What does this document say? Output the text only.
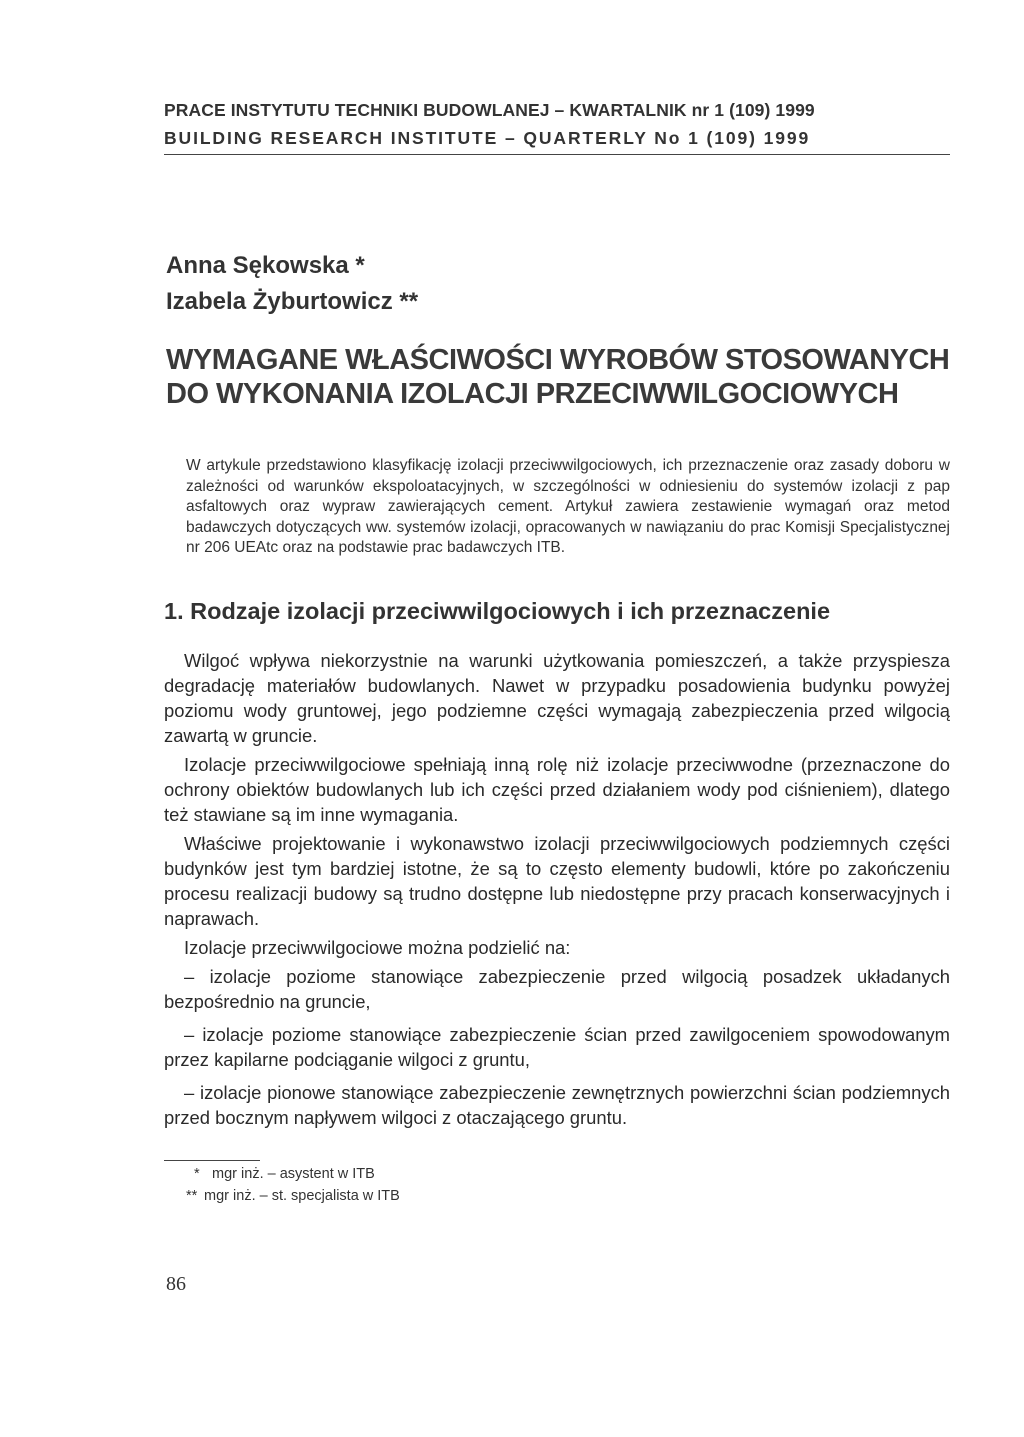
PRACE INSTYTUTU TECHNIKI BUDOWLANEJ – KWARTALNIK nr 1 (109) 1999
BUILDING RESEARCH INSTITUTE – QUARTERLY No 1 (109) 1999
Anna Sękowska *
Izabela Żyburtowicz **
WYMAGANE WŁAŚCIWOŚCI WYROBÓW STOSOWANYCH
DO WYKONANIA IZOLACJI PRZECIWWILGOCIOWYCH
W artykule przedstawiono klasyfikację izolacji przeciwwilgociowych, ich przeznaczenie oraz zasady doboru w zależności od warunków ekspoloatacyjnych, w szczególności w odniesieniu do systemów izolacji z pap asfaltowych oraz wypraw zawierających cement. Artykuł zawiera zestawienie wymagań oraz metod badawczych dotyczących ww. systemów izolacji, opracowanych w nawiązaniu do prac Komisji Specjalistycznej nr 206 UEAtc oraz na podstawie prac badawczych ITB.
1. Rodzaje izolacji przeciwwilgociowych i ich przeznaczenie

Wilgoć wpływa niekorzystnie na warunki użytkowania pomieszczeń, a także przyspiesza degradację materiałów budowlanych. Nawet w przypadku posadowienia budynku powyżej poziomu wody gruntowej, jego podziemne części wymagają zabezpieczenia przed wilgocią zawartą w gruncie.

Izolacje przeciwwilgociowe spełniają inną rolę niż izolacje przeciwwodne (przeznaczone do ochrony obiektów budowlanych lub ich części przed działaniem wody pod ciśnieniem), dlatego też stawiane są im inne wymagania.

Właściwe projektowanie i wykonawstwo izolacji przeciwwilgociowych podziemnych części budynków jest tym bardziej istotne, że są to często elementy budowli, które po zakończeniu procesu realizacji budowy są trudno dostępne lub niedostępne przy pracach konserwacyjnych i naprawach.

Izolacje przeciwwilgociowe można podzielić na:

– izolacje poziome stanowiące zabezpieczenie przed wilgocią posadzek układanych bezpośrednio na gruncie,

– izolacje poziome stanowiące zabezpieczenie ścian przed zawilgoceniem spowodowanym przez kapilarne podciąganie wilgoci z gruntu,

– izolacje pionowe stanowiące zabezpieczenie zewnętrznych powierzchni ścian podziemnych przed bocznym napływem wilgoci z otaczającego gruntu.

* mgr inż. – asystent w ITB
** mgr inż. – st. specjalista w ITB
86
